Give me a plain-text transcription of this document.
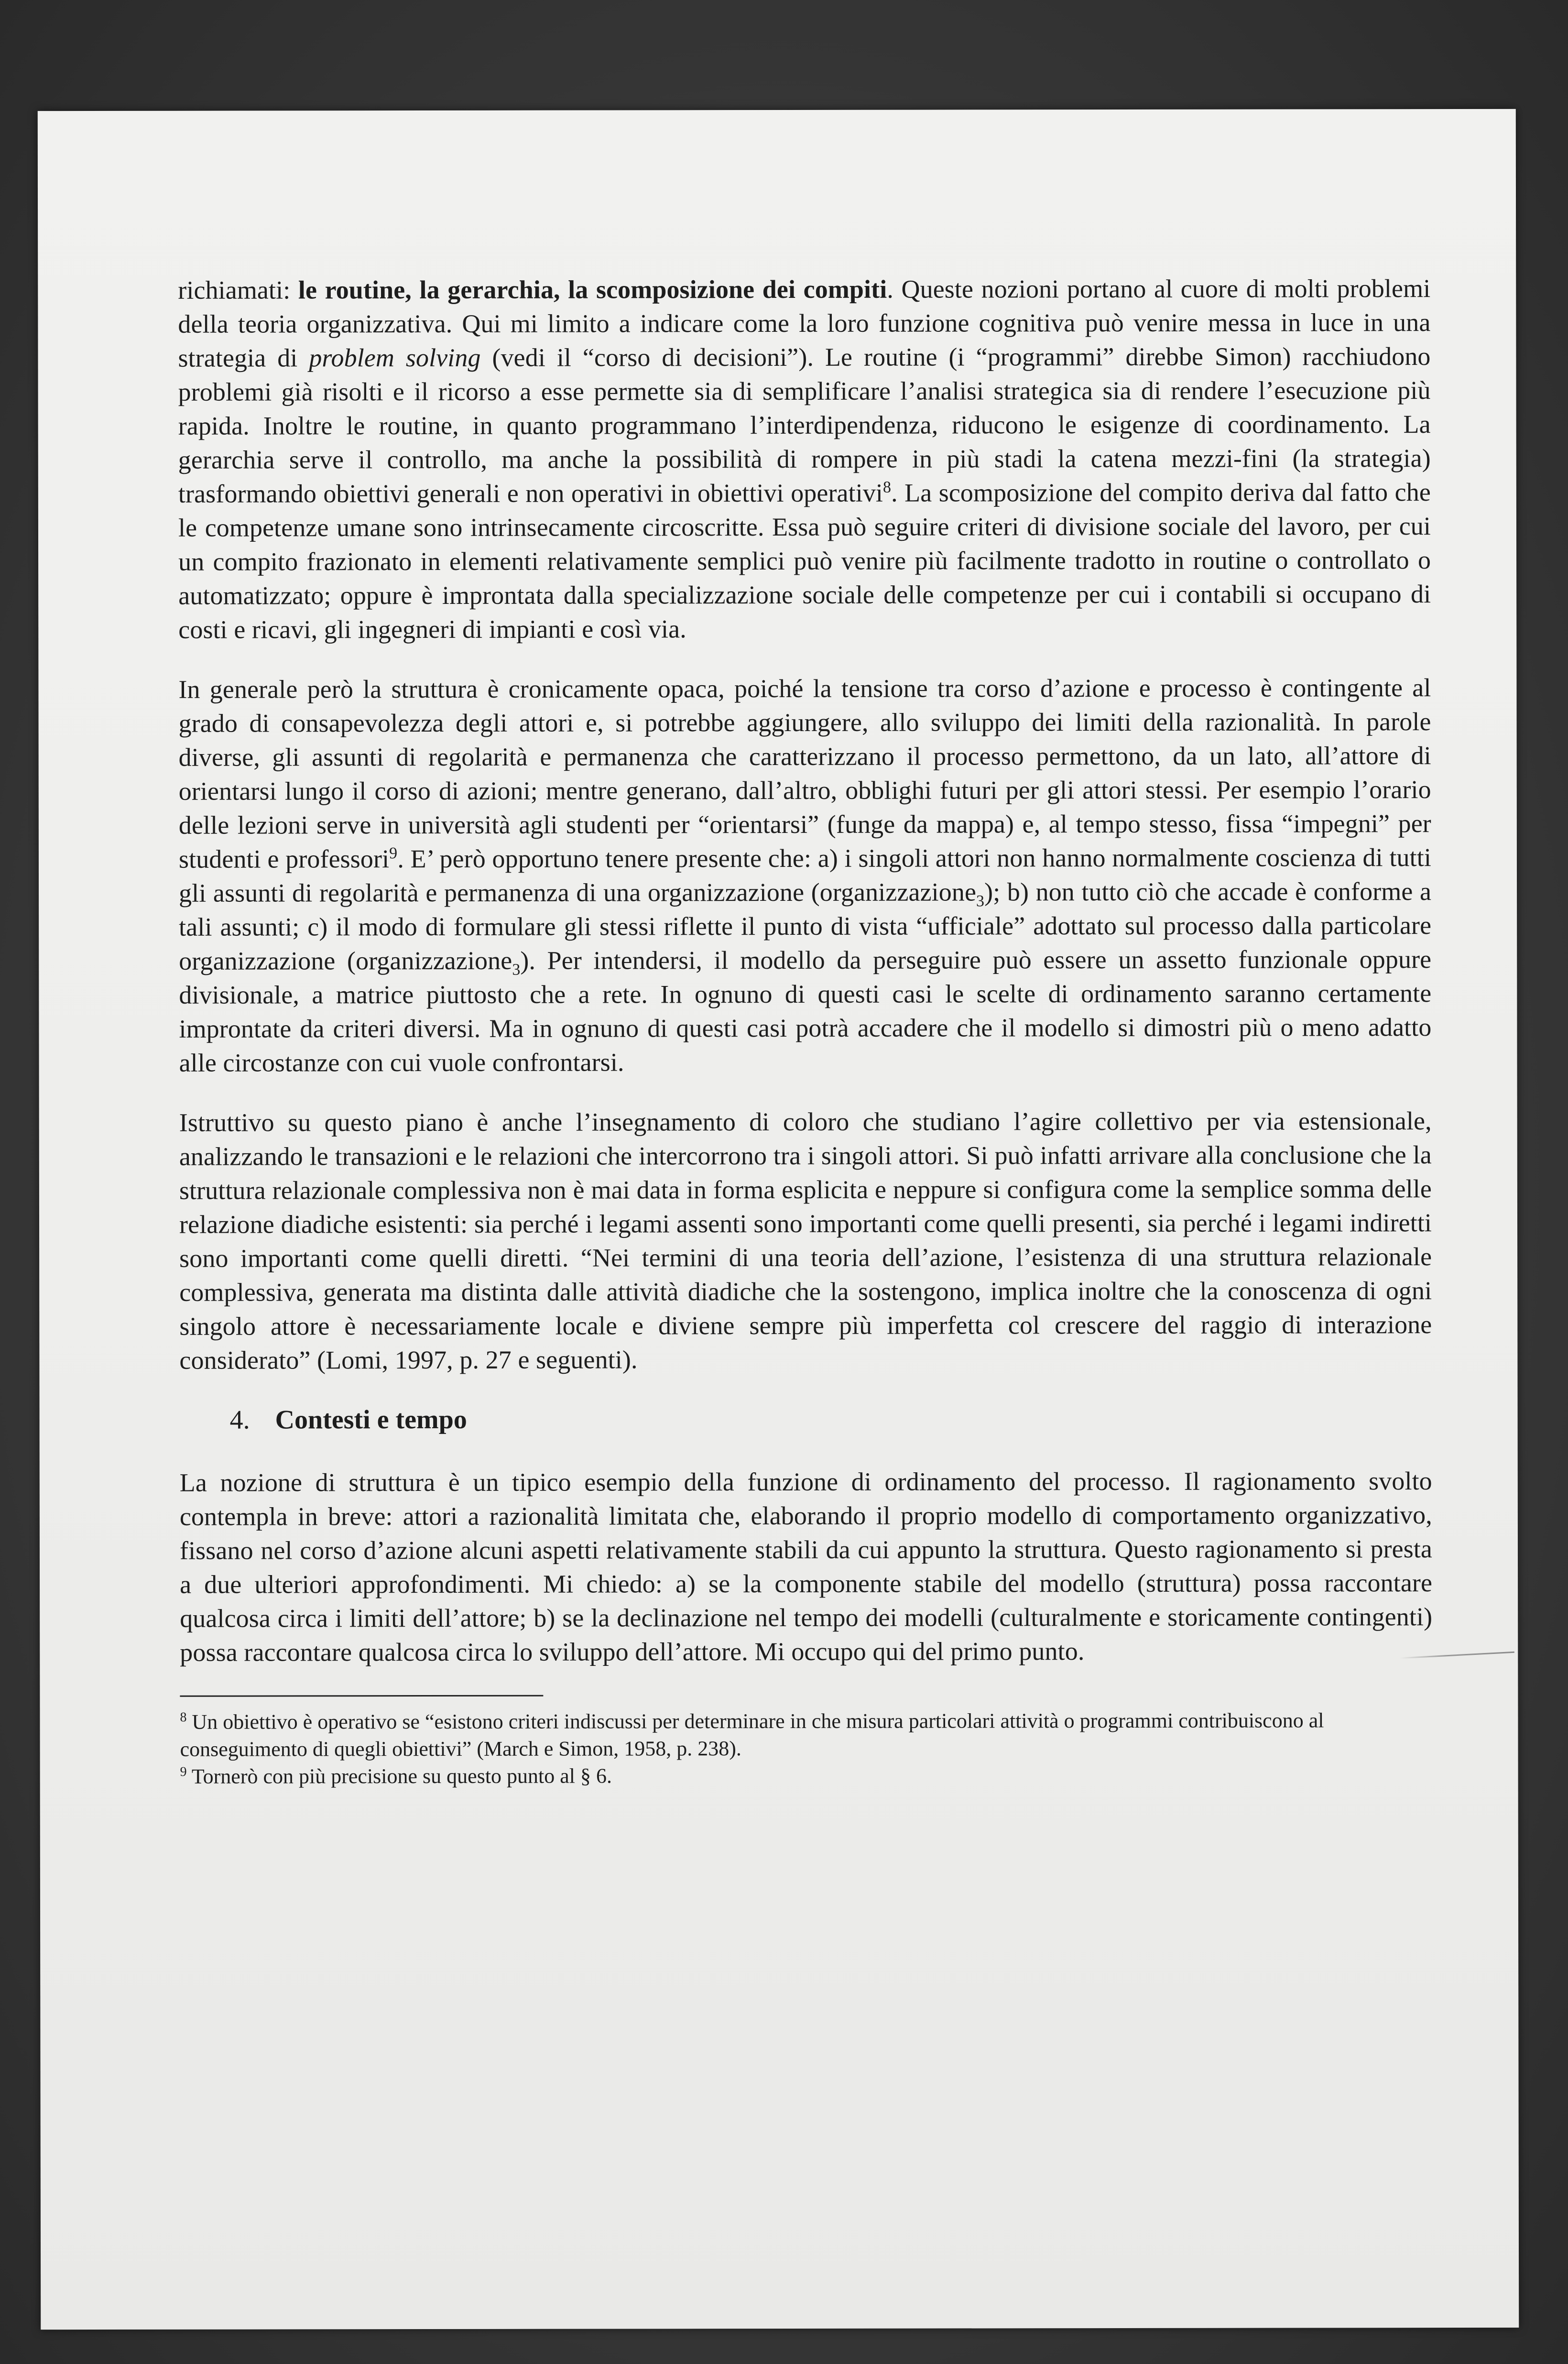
richiamati: le routine, la gerarchia, la scomposizione dei compiti. Queste nozioni portano al cuore di molti problemi della teoria organizzativa. Qui mi limito a indicare come la loro funzione cognitiva può venire messa in luce in una strategia di problem solving (vedi il “corso di decisioni”). Le routine (i “programmi” direbbe Simon) racchiudono problemi già risolti e il ricorso a esse permette sia di semplificare l’analisi strategica sia di rendere l’esecuzione più rapida. Inoltre le routine, in quanto programmano l’interdipendenza, riducono le esigenze di coordinamento. La gerarchia serve il controllo, ma anche la possibilità di rompere in più stadi la catena mezzi-fini (la strategia) trasformando obiettivi generali e non operativi in obiettivi operativi$^8$. La scomposizione del compito deriva dal fatto che le competenze umane sono intrinsecamente circoscritte. Essa può seguire criteri di divisione sociale del lavoro, per cui un compito frazionato in elementi relativamente semplici può venire più facilmente tradotto in routine o controllato o automatizzato; oppure è improntata dalla specializzazione sociale delle competenze per cui i contabili si occupano di costi e ricavi, gli ingegneri di impianti e così via.

In generale però la struttura è cronicamente opaca, poiché la tensione tra corso d’azione e processo è contingente al grado di consapevolezza degli attori e, si potrebbe aggiungere, allo sviluppo dei limiti della razionalità. In parole diverse, gli assunti di regolarità e permanenza che caratterizzano il processo permettono, da un lato, all’attore di orientarsi lungo il corso di azioni; mentre generano, dall’altro, obblighi futuri per gli attori stessi. Per esempio l’orario delle lezioni serve in università agli studenti per “orientarsi” (funge da mappa) e, al tempo stesso, fissa “impegni” per studenti e professori$^9$. E’ però opportuno tenere presente che: a) i singoli attori non hanno normalmente coscienza di tutti gli assunti di regolarità e permanenza di una organizzazione (organizzazione$_3$); b) non tutto ciò che accade è conforme a tali assunti; c) il modo di formulare gli stessi riflette il punto di vista “ufficiale” adottato sul processo dalla particolare organizzazione (organizzazione$_3$). Per intendersi, il modello da perseguire può essere un assetto funzionale oppure divisionale, a matrice piuttosto che a rete. In ognuno di questi casi le scelte di ordinamento saranno certamente improntate da criteri diversi. Ma in ognuno di questi casi potrà accadere che il modello si dimostri più o meno adatto alle circostanze con cui vuole confrontarsi.

Istruttivo su questo piano è anche l’insegnamento di coloro che studiano l’agire collettivo per via estensionale, analizzando le transazioni e le relazioni che intercorrono tra i singoli attori. Si può infatti arrivare alla conclusione che la struttura relazionale complessiva non è mai data in forma esplicita e neppure si configura come la semplice somma delle relazione diadiche esistenti: sia perché i legami assenti sono importanti come quelli presenti, sia perché i legami indiretti sono importanti come quelli diretti. “Nei termini di una teoria dell’azione, l’esistenza di una struttura relazionale complessiva, generata ma distinta dalle attività diadiche che la sostengono, implica inoltre che la conoscenza di ogni singolo attore è necessariamente locale e diviene sempre più imperfetta col crescere del raggio di interazione considerato” (Lomi, 1997, p. 27 e seguenti).

4. Contesti e tempo

La nozione di struttura è un tipico esempio della funzione di ordinamento del processo. Il ragionamento svolto contempla in breve: attori a razionalità limitata che, elaborando il proprio modello di comportamento organizzativo, fissano nel corso d’azione alcuni aspetti relativamente stabili da cui appunto la struttura. Questo ragionamento si presta a due ulteriori approfondimenti. Mi chiedo: a) se la componente stabile del modello (struttura) possa raccontare qualcosa circa i limiti dell’attore; b) se la declinazione nel tempo dei modelli (culturalmente e storicamente contingenti) possa raccontare qualcosa circa lo sviluppo dell’attore. Mi occupo qui del primo punto.

$^8$ Un obiettivo è operativo se “esistono criteri indiscussi per determinare in che misura particolari attività o programmi contribuiscono al conseguimento di quegli obiettivi” (March e Simon, 1958, p. 238).

$^9$ Tornerò con più precisione su questo punto al § 6.
